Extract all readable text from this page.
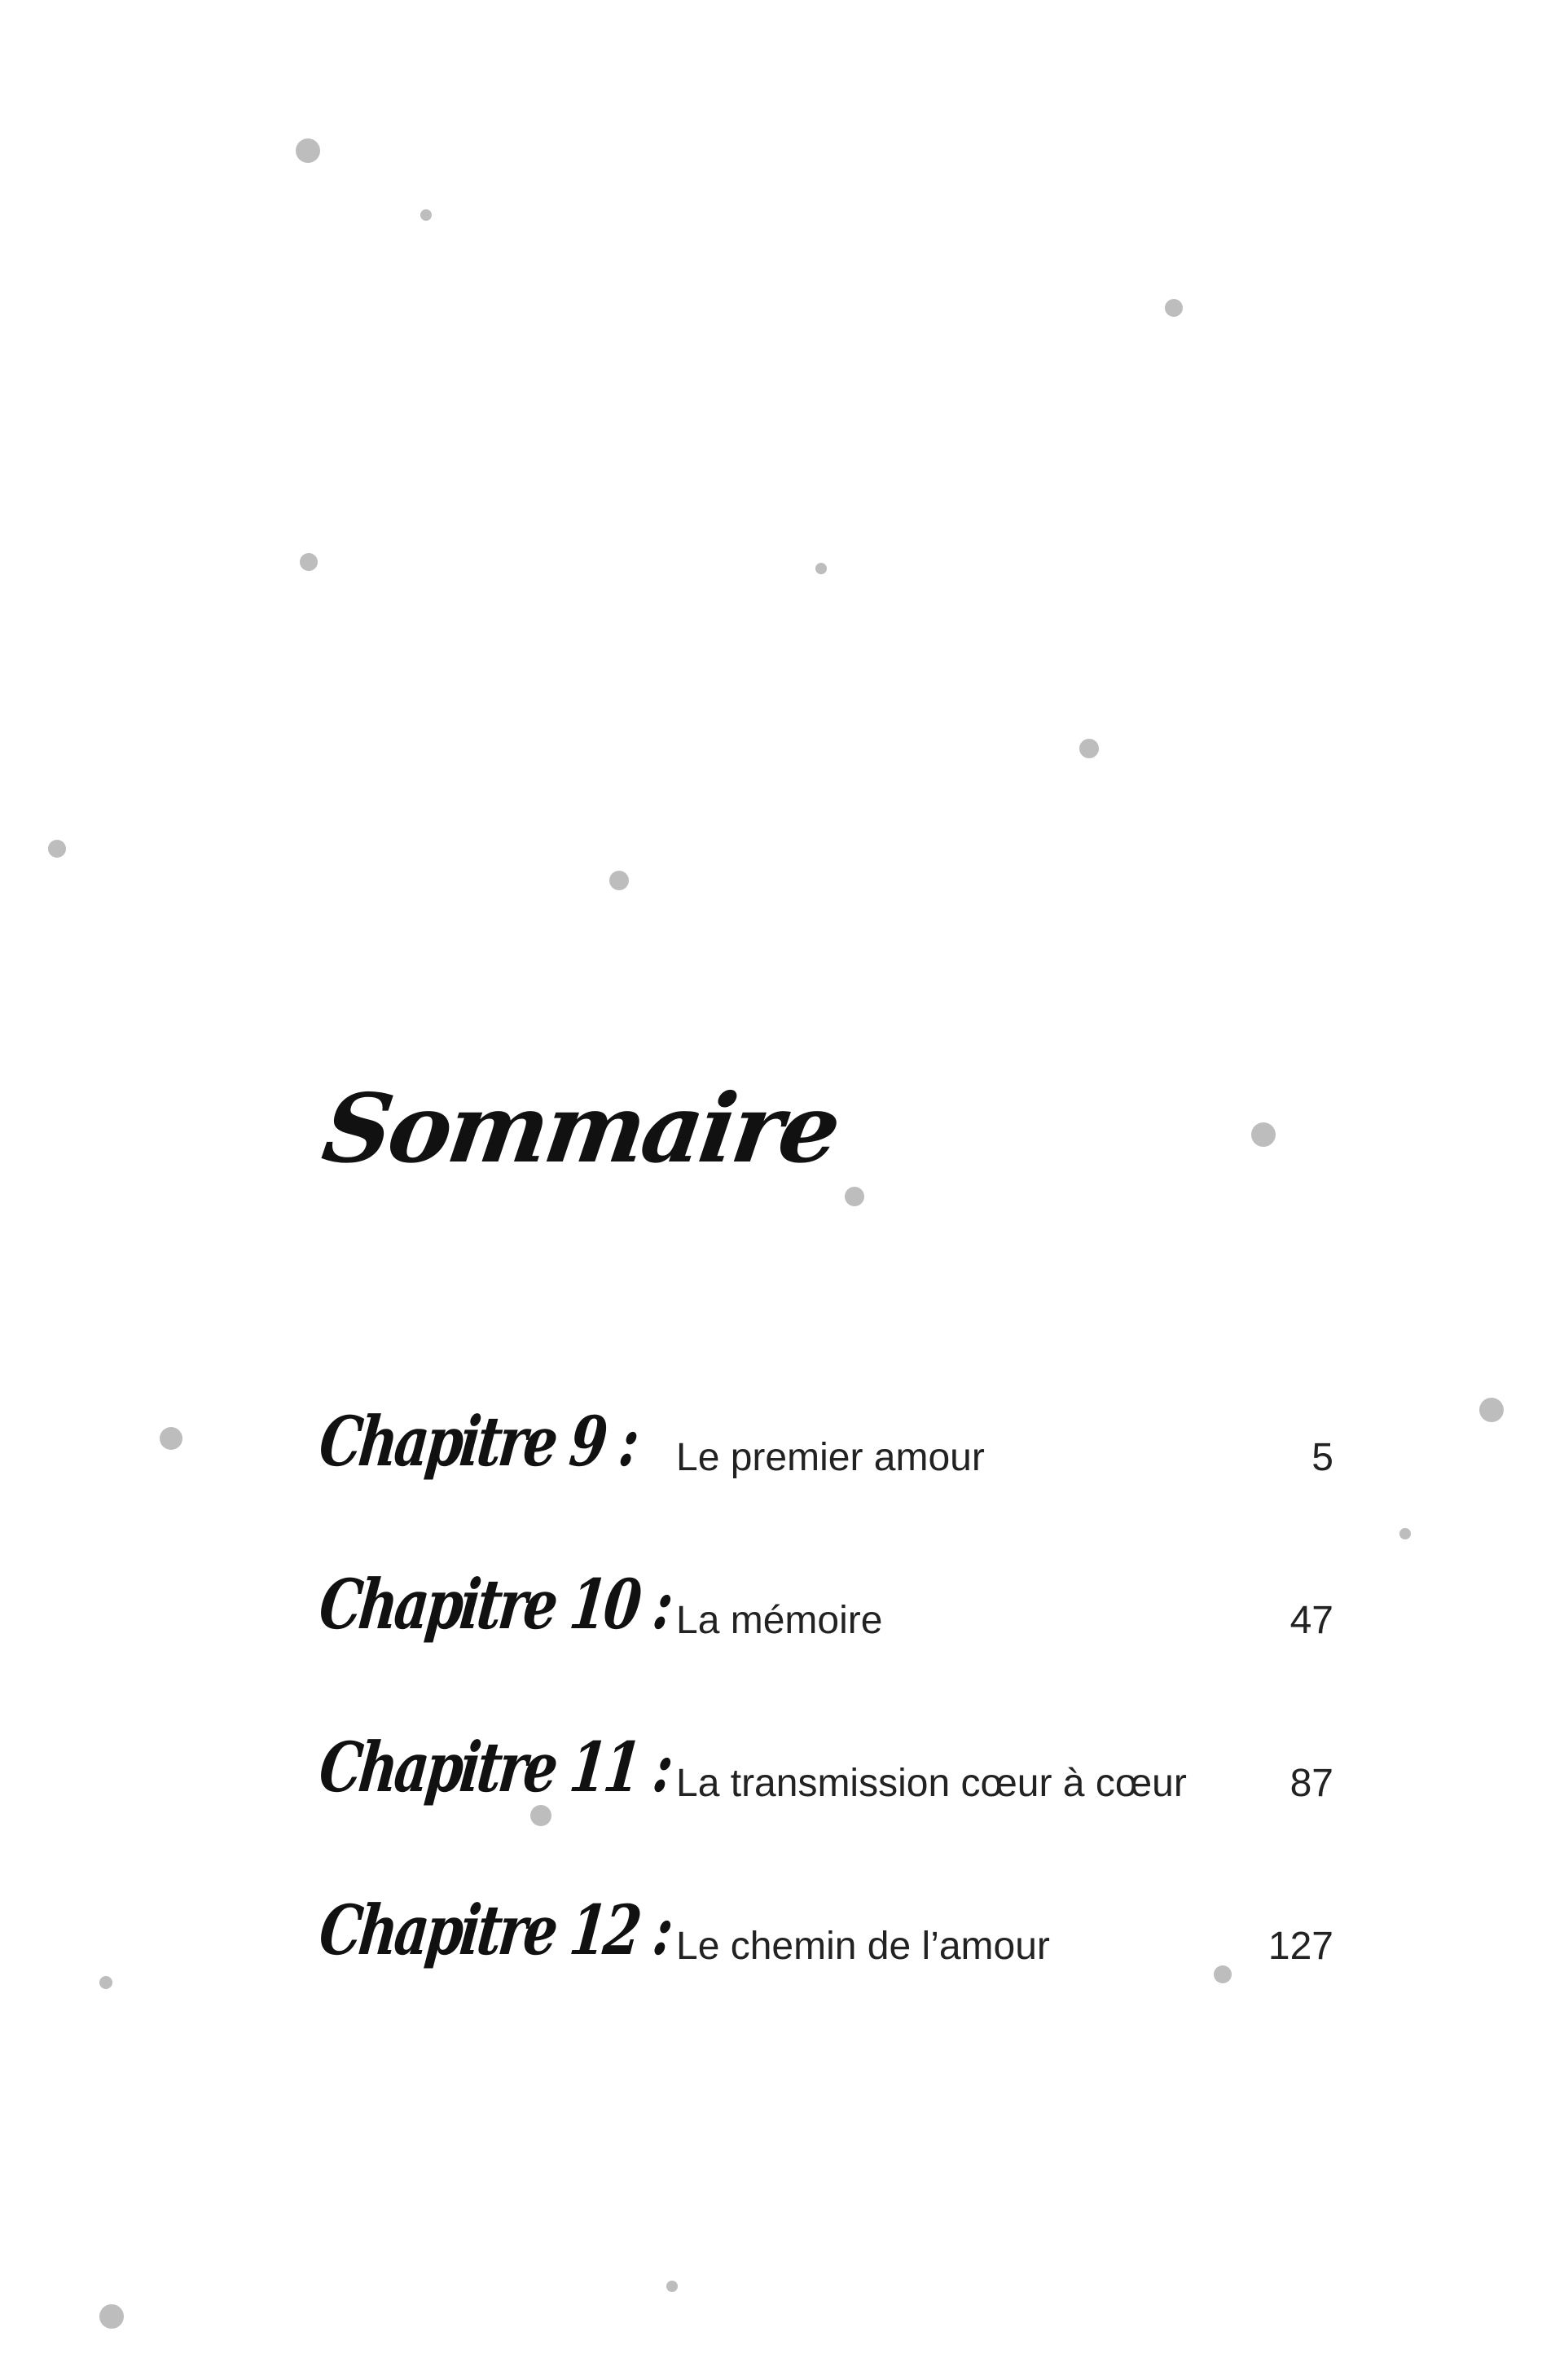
Sommaire
Chapitre 9 : Le premier amour	5
Chapitre 10 : La mémoire	47
Chapitre 11 : La transmission cœur à cœur	87
Chapitre 12 : Le chemin de l’amour	127
